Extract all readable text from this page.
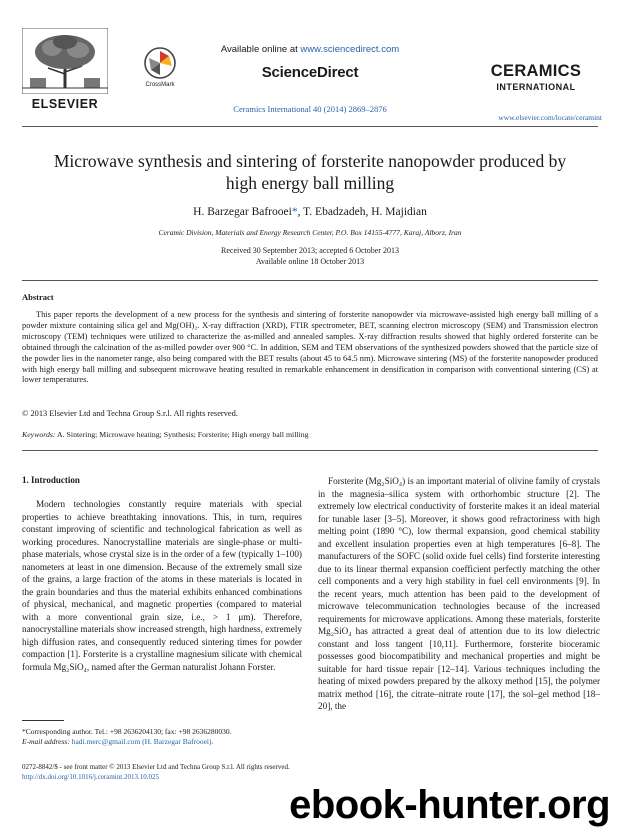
ELSEVIER
CrossMark
Available online at www.sciencedirect.com
ScienceDirect
Ceramics International 40 (2014) 2869–2876
CERAMICS
INTERNATIONAL
www.elsevier.com/locate/ceramint
Microwave synthesis and sintering of forsterite nanopowder produced by high energy ball milling
H. Barzegar Bafrooei*, T. Ebadzadeh, H. Majidian
Ceramic Division, Materials and Energy Research Center, P.O. Box 14155-4777, Karaj, Alborz, Iran
Received 30 September 2013; accepted 6 October 2013
Available online 18 October 2013
Abstract
This paper reports the development of a new process for the synthesis and sintering of forsterite nanopowder via microwave-assisted high energy ball milling of a powder mixture containing silica gel and Mg(OH)₂. X-ray diffraction (XRD), FTIR spectrometer, BET, scanning electron microscopy (SEM) and Transmission electron microscopy (TEM) techniques were utilized to characterize the as-milled and annealed samples. X-ray diffraction results showed that highly ordered forsterite can be obtained through the calcination of the as-milled powder over 900 °C. In addition, SEM and TEM observations of the synthesized powders showed that the particle size of the powder lies in the nanometer range, also being compared with the BET results (about 45 to 64.5 nm). Microwave sintering (MS) of the forsterite nanopowder produced with high energy ball milling and subsequent microwave heating resulted in remarkable enhancement in densification in comparison with conventional sintering (CS) at lower temperatures.
© 2013 Elsevier Ltd and Techna Group S.r.l. All rights reserved.
Keywords: A. Sintering; Microwave heating; Synthesis; Forsterite; High energy ball milling
1. Introduction
Modern technologies constantly require materials with special properties to achieve breathtaking innovations. This, in turn, requires constant improving of scientific and technological fabrication as well as working procedures. Nanocrystalline materials are single-phase or multi-phase materials, whose crystal size is in the order of a few (typically 1–100) nanometers at least in one dimension. Because of the extremely small size of the grains, a large fraction of the atoms in these materials is located in the grain boundaries and thus the material exhibits enhanced combinations of physical, mechanical, and magnetic properties (compared to material with a more conventional grain size, i.e., > 1 μm). Therefore, nanocrystalline materials show increased strength, high hardness, extremely high diffusion rates, and consequently reduced sintering times for powder compaction [1]. Forsterite is a crystalline magnesium silicate with chemical formula Mg₂SiO₄, named after the German naturalist Johann Forster.
Forsterite (Mg₂SiO₄) is an important material of olivine family of crystals in the magnesia–silica system with orthorhombic structure [2]. The extremely low electrical conductivity of forsterite makes it an ideal material for tunable laser [3–5]. Moreover, it shows good refractoriness with high melting point (1890 °C), low thermal expansion, good chemical stability and excellent insulation properties even at high temperatures [6–8]. The manufacturers of the SOFC (solid oxide fuel cells) find forsterite interesting due to its linear thermal expansion coefficient perfectly matching the other cell components and a very high stability in fuel cell environments [9]. In the recent years, much attention has been paid to the development of microwave telecommunication technologies because of the increased requirements for microwave applications. Among these materials, forsterite Mg₂SiO₄ has attracted a great deal of attention due to its low dielectric constant and loss tangent [10,11]. Furthermore, forsterite bioceramic possesses good biocompatibility and mechanical properties and might be suitable for hard tissue repair [12–14]. Various techniques including the heating of mixed powders prepared by the alkoxy method [15], the polymer matrix method [16], the citrate–nitrate route [17], the sol–gel method [18–20], the
*Corresponding author. Tel.: +98 2636204130; fax: +98 2636280030.
E-mail address: hadi.merc@gmail.com (H. Barzegar Bafrooei).
0272-8842/$ - see front matter © 2013 Elsevier Ltd and Techna Group S.r.l. All rights reserved.
http://dx.doi.org/10.1016/j.ceramint.2013.10.025
ebook-hunter.org
